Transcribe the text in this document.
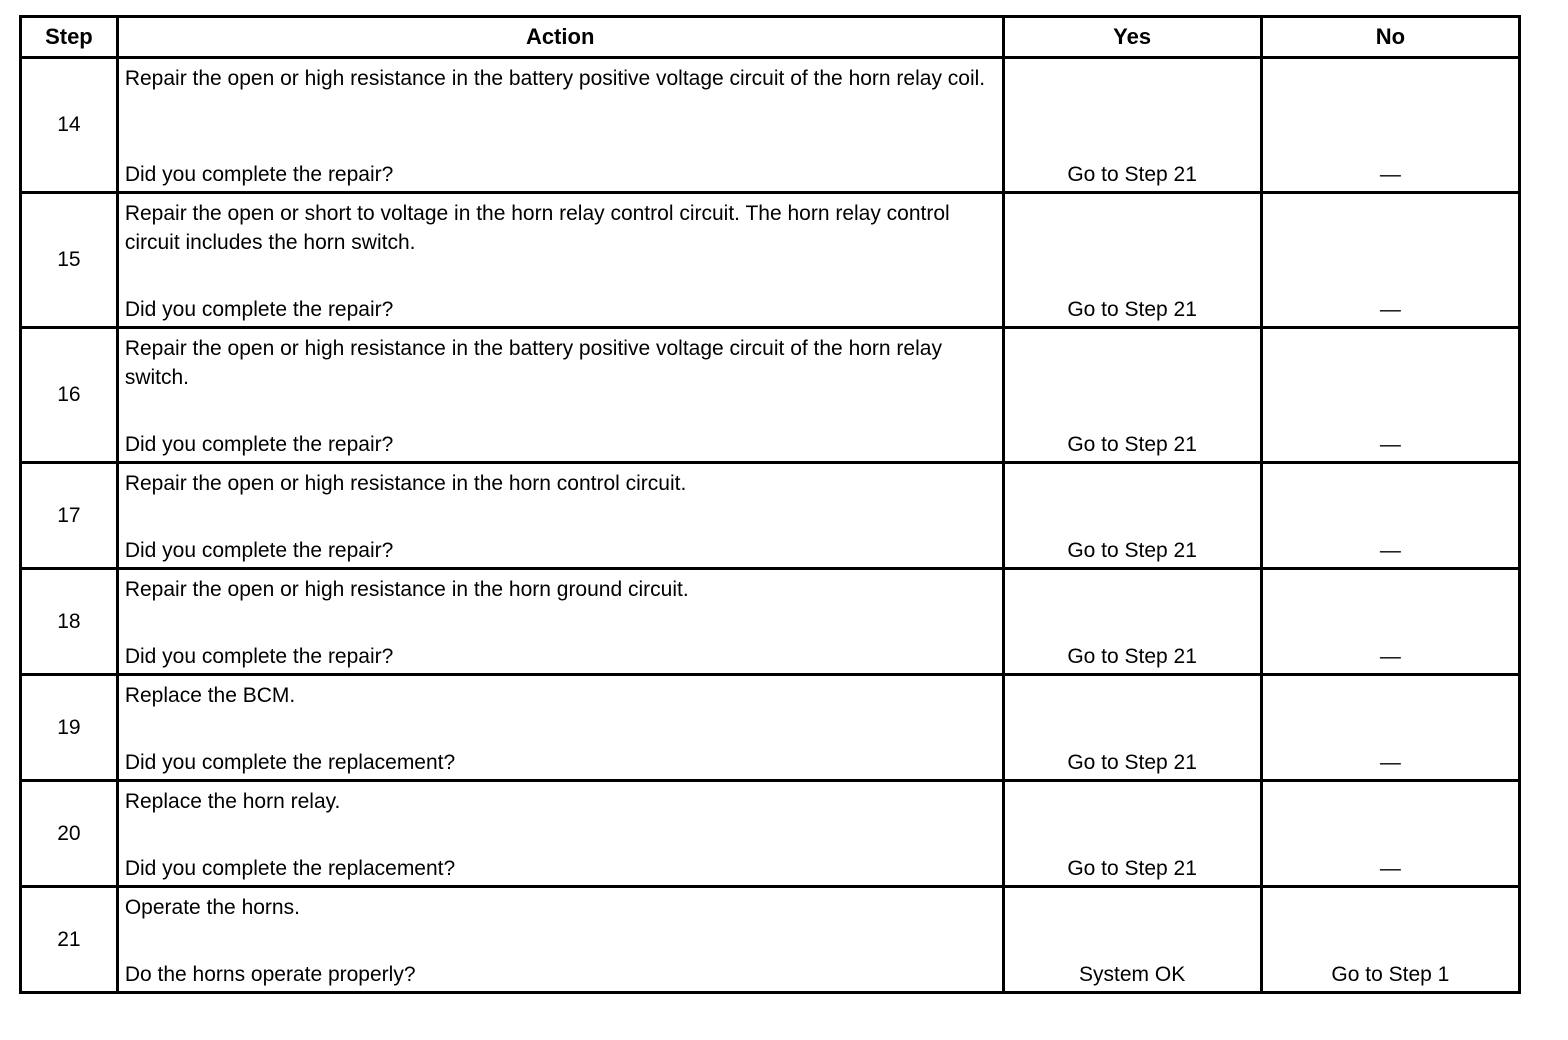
Step	Action	Yes	No
14	Repair the open or high resistance in the battery positive voltage circuit of the horn relay coil.
Did you complete the repair?	Go to Step 21	—

15	Repair the open or short to voltage in the horn relay control circuit. The horn relay control circuit includes the horn switch.
Did you complete the repair?	Go to Step 21	—

16	Repair the open or high resistance in the battery positive voltage circuit of the horn relay switch.
Did you complete the repair?	Go to Step 21	—

17	Repair the open or high resistance in the horn control circuit.
Did you complete the repair?	Go to Step 21	—

18	Repair the open or high resistance in the horn ground circuit.
Did you complete the repair?	Go to Step 21	—

19	Replace the BCM.
Did you complete the replacement?	Go to Step 21	—

20	Replace the horn relay.
Did you complete the replacement?	Go to Step 21	—

21	Operate the horns.
Do the horns operate properly?	System OK	Go to Step 1
